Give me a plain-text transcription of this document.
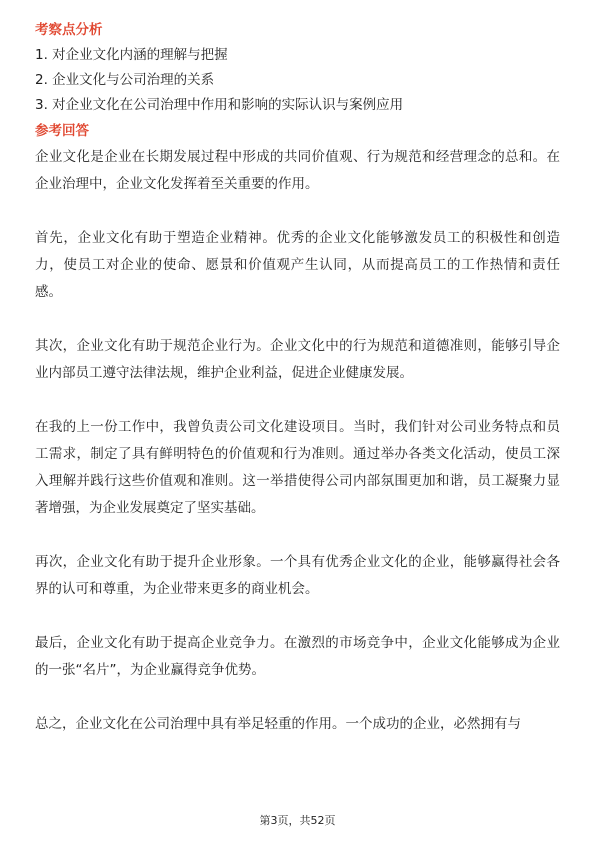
考察点分析
1. 对企业文化内涵的理解与把握
2. 企业文化与公司治理的关系
3. 对企业文化在公司治理中作用和影响的实际认识与案例应用
参考回答

企业文化是企业在长期发展过程中形成的共同价值观、行为规范和经营理念的总和。在企业治理中，企业文化发挥着至关重要的作用。

首先，企业文化有助于塑造企业精神。优秀的企业文化能够激发员工的积极性和创造力，使员工对企业的使命、愿景和价值观产生认同，从而提高员工的工作热情和责任感。

其次，企业文化有助于规范企业行为。企业文化中的行为规范和道德准则，能够引导企业内部员工遵守法律法规，维护企业利益，促进企业健康发展。

在我的上一份工作中，我曾负责公司文化建设项目。当时，我们针对公司业务特点和员工需求，制定了具有鲜明特色的价值观和行为准则。通过举办各类文化活动，使员工深入理解并践行这些价值观和准则。这一举措使得公司内部氛围更加和谐，员工凝聚力显著增强，为企业发展奠定了坚实基础。

再次，企业文化有助于提升企业形象。一个具有优秀企业文化的企业，能够赢得社会各界的认可和尊重，为企业带来更多的商业机会。

最后，企业文化有助于提高企业竞争力。在激烈的市场竞争中，企业文化能够成为企业的一张“名片”，为企业赢得竞争优势。

总之，企业文化在公司治理中具有举足轻重的作用。一个成功的企业，必然拥有与

第3页，共52页
